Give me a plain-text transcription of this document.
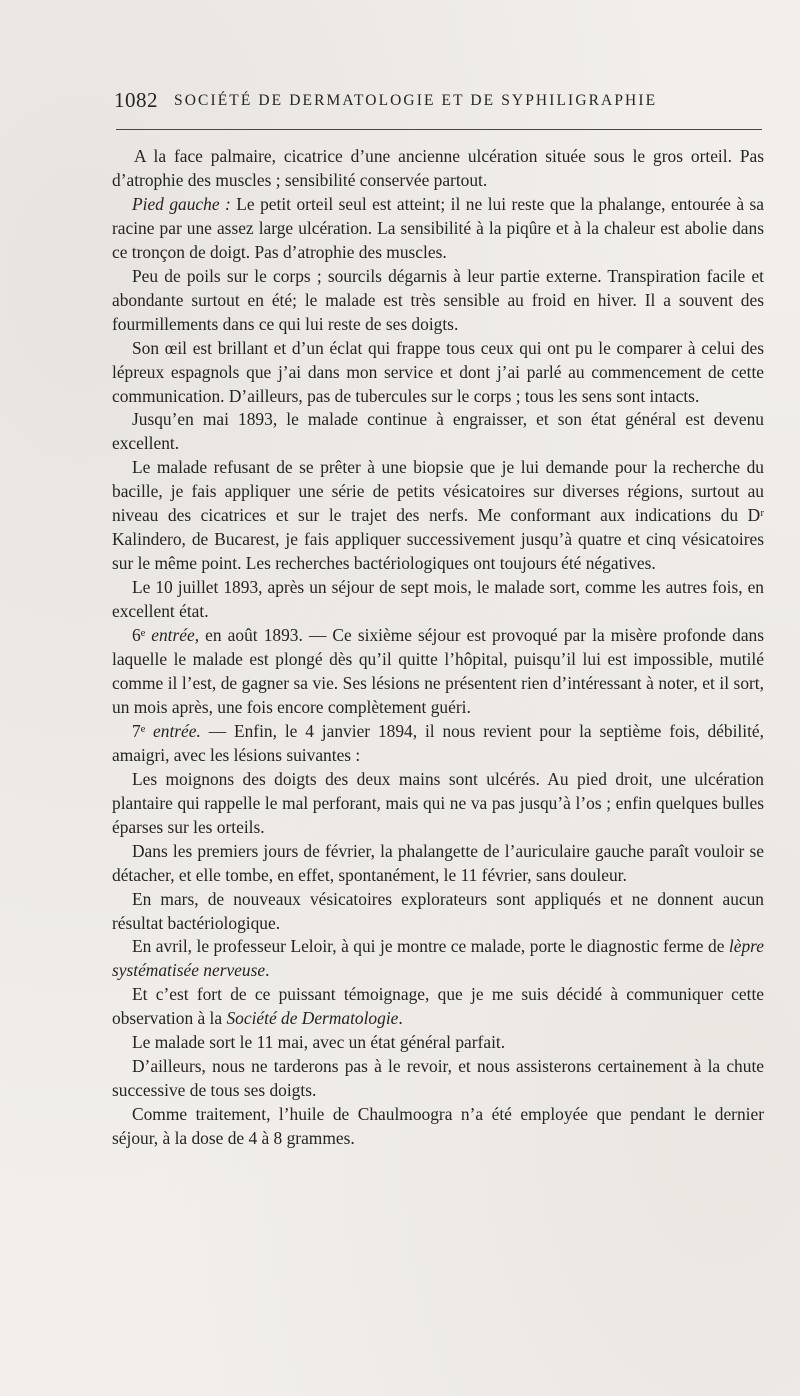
1082 SOCIÉTÉ DE DERMATOLOGIE ET DE SYPHILIGRAPHIE

A la face palmaire, cicatrice d’une ancienne ulcération située sous le gros orteil. Pas d’atrophie des muscles ; sensibilité conservée partout.

Pied gauche : Le petit orteil seul est atteint; il ne lui reste que la phalange, entourée à sa racine par une assez large ulcération. La sensibilité à la piqûre et à la chaleur est abolie dans ce tronçon de doigt. Pas d’atrophie des muscles.

Peu de poils sur le corps ; sourcils dégarnis à leur partie externe. Transpiration facile et abondante surtout en été; le malade est très sensible au froid en hiver. Il a souvent des fourmillements dans ce qui lui reste de ses doigts.

Son œil est brillant et d’un éclat qui frappe tous ceux qui ont pu le comparer à celui des lépreux espagnols que j’ai dans mon service et dont j’ai parlé au commencement de cette communication. D’ailleurs, pas de tubercules sur le corps ; tous les sens sont intacts.

Jusqu’en mai 1893, le malade continue à engraisser, et son état général est devenu excellent.

Le malade refusant de se prêter à une biopsie que je lui demande pour la recherche du bacille, je fais appliquer une série de petits vésicatoires sur diverses régions, surtout au niveau des cicatrices et sur le trajet des nerfs. Me conformant aux indications du Dʳ Kalindero, de Bucarest, je fais appliquer successivement jusqu’à quatre et cinq vésicatoires sur le même point. Les recherches bactériologiques ont toujours été négatives.

Le 10 juillet 1893, après un séjour de sept mois, le malade sort, comme les autres fois, en excellent état.

6ᵉ entrée, en août 1893. — Ce sixième séjour est provoqué par la misère profonde dans laquelle le malade est plongé dès qu’il quitte l’hôpital, puisqu’il lui est impossible, mutilé comme il l’est, de gagner sa vie. Ses lésions ne présentent rien d’intéressant à noter, et il sort, un mois après, une fois encore complètement guéri.

7ᵉ entrée. — Enfin, le 4 janvier 1894, il nous revient pour la septième fois, débilité, amaigri, avec les lésions suivantes :

Les moignons des doigts des deux mains sont ulcérés. Au pied droit, une ulcération plantaire qui rappelle le mal perforant, mais qui ne va pas jusqu’à l’os ; enfin quelques bulles éparses sur les orteils.

Dans les premiers jours de février, la phalangette de l’auriculaire gauche paraît vouloir se détacher, et elle tombe, en effet, spontanément, le 11 février, sans douleur.

En mars, de nouveaux vésicatoires explorateurs sont appliqués et ne donnent aucun résultat bactériologique.

En avril, le professeur Leloir, à qui je montre ce malade, porte le diagnostic ferme de lèpre systématisée nerveuse.

Et c’est fort de ce puissant témoignage, que je me suis décidé à communiquer cette observation à la Société de Dermatologie.

Le malade sort le 11 mai, avec un état général parfait.

D’ailleurs, nous ne tarderons pas à le revoir, et nous assisterons certainement à la chute successive de tous ses doigts.

Comme traitement, l’huile de Chaulmoogra n’a été employée que pendant le dernier séjour, à la dose de 4 à 8 grammes.
